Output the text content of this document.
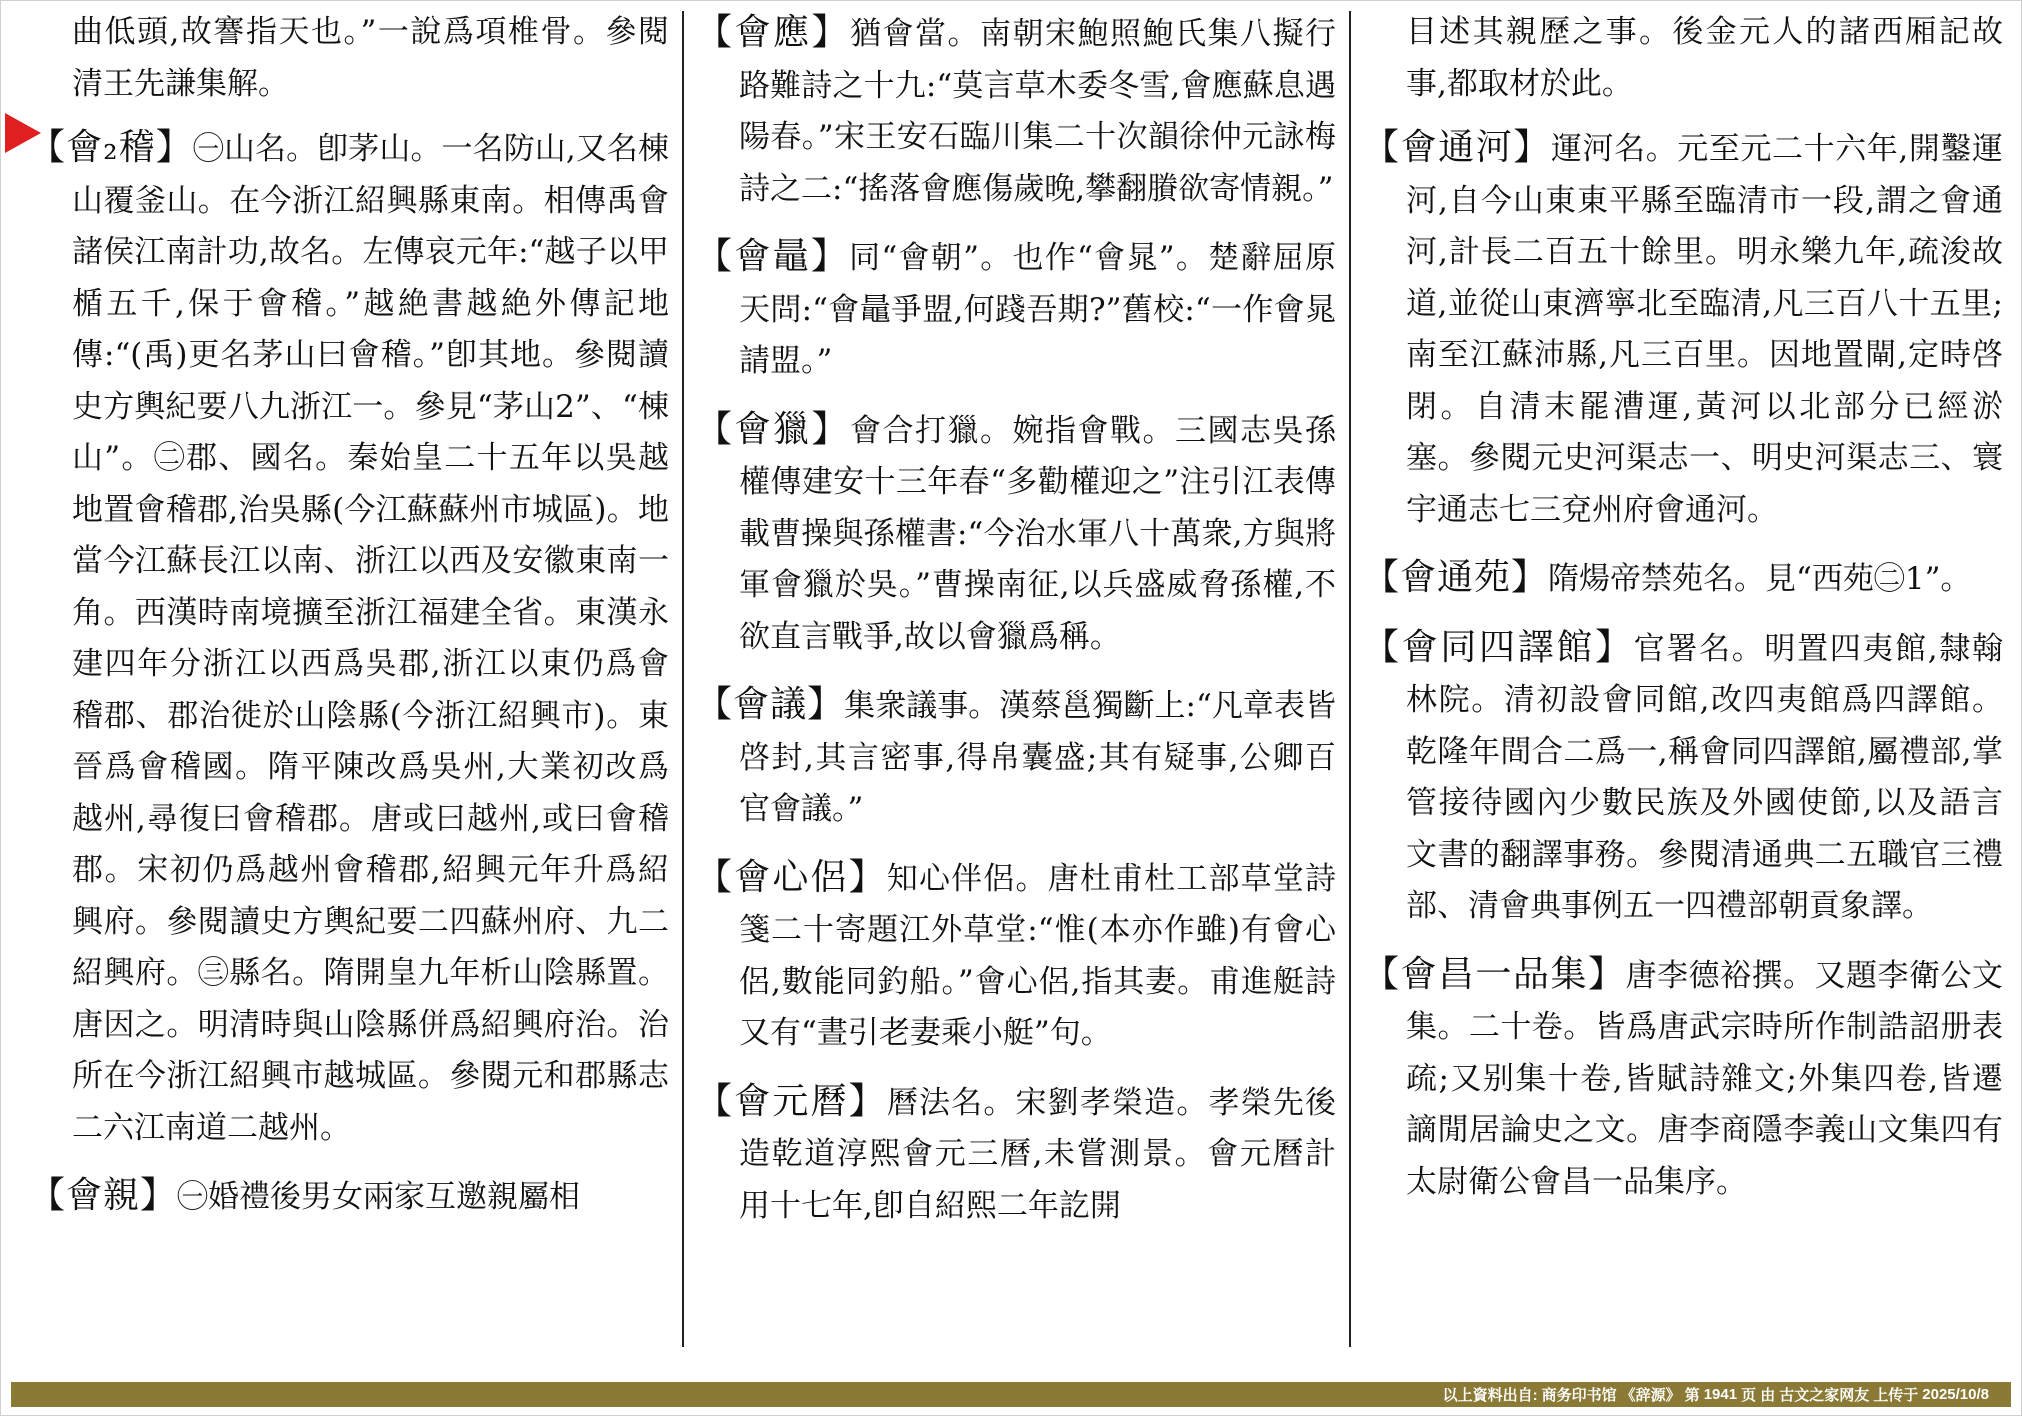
曲低頭,故謇指天也。”一說爲項椎骨。參閱清王先謙集解。

【會₂稽】㊀山名。卽茅山。一名防山,又名棟山覆釜山。在今浙江紹興縣東南。相傳禹會諸侯江南計功,故名。左傳哀元年:“越子以甲楯五千,保于會稽。”越絶書越絶外傳記地傳:“(禹)更名茅山曰會稽。”卽其地。參閱讀史方輿紀要八九浙江一。參見“茅山2”、“棟山”。㊁郡、國名。秦始皇二十五年以吳越地置會稽郡,治吳縣(今江蘇蘇州市城區)。地當今江蘇長江以南、浙江以西及安徽東南一角。西漢時南境擴至浙江福建全省。東漢永建四年分浙江以西爲吳郡,浙江以東仍爲會稽郡、郡治徙於山陰縣(今浙江紹興市)。東晉爲會稽國。隋平陳改爲吳州,大業初改爲越州,尋復曰會稽郡。唐或曰越州,或曰會稽郡。宋初仍爲越州會稽郡,紹興元年升爲紹興府。參閱讀史方輿紀要二四蘇州府、九二紹興府。㊂縣名。隋開皇九年析山陰縣置。唐因之。明清時與山陰縣併爲紹興府治。治所在今浙江紹興市越城區。參閱元和郡縣志二六江南道二越州。

【會親】㊀婚禮後男女兩家互邀親屬相

【會應】猶會當。南朝宋鮑照鮑氏集八擬行路難詩之十九:“莫言草木委冬雪,會應蘇息遇陽春。”宋王安石臨川集二十次韻徐仲元詠梅詩之二:“搖落會應傷歲晚,攀翻賸欲寄情親。”

【會鼂】同“會朝”。也作“會晁”。楚辭屈原天問:“會鼂爭盟,何踐吾期?”舊校:“一作會晁請盟。”

【會獵】會合打獵。婉指會戰。三國志吳孫權傳建安十三年春“多勸權迎之”注引江表傳載曹操與孫權書:“今治水軍八十萬衆,方與將軍會獵於吳。”曹操南征,以兵盛威脅孫權,不欲直言戰爭,故以會獵爲稱。

【會議】集衆議事。漢蔡邕獨斷上:“凡章表皆啓封,其言密事,得帛囊盛;其有疑事,公卿百官會議。”

【會心侶】知心伴侶。唐杜甫杜工部草堂詩箋二十寄題江外草堂:“惟(本亦作雖)有會心侶,數能同釣船。”會心侶,指其妻。甫進艇詩又有“晝引老妻乘小艇”句。

【會元曆】曆法名。宋劉孝榮造。孝榮先後造乾道淳熙會元三曆,未嘗測景。會元曆計用十七年,卽自紹熙二年訖開

目述其親歷之事。後金元人的諸西厢記故事,都取材於此。

【會通河】運河名。元至元二十六年,開鑿運河,自今山東東平縣至臨清市一段,謂之會通河,計長二百五十餘里。明永樂九年,疏浚故道,並從山東濟寧北至臨清,凡三百八十五里;南至江蘇沛縣,凡三百里。因地置閘,定時啓閉。自清末罷漕運,黃河以北部分已經淤塞。參閱元史河渠志一、明史河渠志三、寰宇通志七三兗州府會通河。

【會通苑】隋煬帝禁苑名。見“西苑㊁1”。

【會同四譯館】官署名。明置四夷館,隸翰林院。清初設會同館,改四夷館爲四譯館。乾隆年間合二爲一,稱會同四譯館,屬禮部,掌管接待國內少數民族及外國使節,以及語言文書的翻譯事務。參閱清通典二五職官三禮部、清會典事例五一四禮部朝貢象譯。

【會昌一品集】唐李德裕撰。又題李衛公文集。二十卷。皆爲唐武宗時所作制誥詔册表疏;又别集十卷,皆賦詩雜文;外集四卷,皆遷謫閒居論史之文。唐李商隱李義山文集四有太尉衛公會昌一品集序。

以上資料出自: 商务印书馆 《辞源》 第 1941 页 由 古文之家网友 上传于 2025/10/8
